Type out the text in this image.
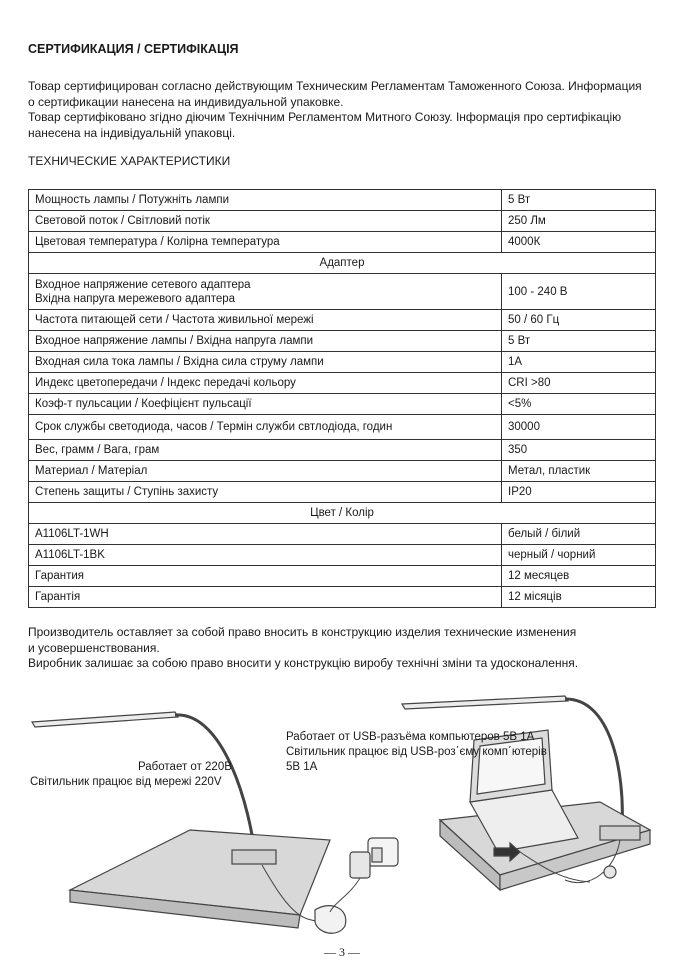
СЕРТИФИКАЦИЯ / СЕРТИФІКАЦІЯ

Товар сертифицирован согласно действующим Техническим Регламентам Таможенного Союза. Информация

о сертификации нанесена на индивидуальной упаковке.

Товар сертифіковано згідно діючим Технічним Регламентом Митного Союзу. Інформація про сертифікацію

нанесена на індивідуальній упаковці.

ТЕХНИЧЕСКИЕ ХАРАКТЕРИСТИКИ
Мощность лампы / Потужніть лампи	5 Вт
Световой поток / Світловий потік	250 Лм
Цветовая температура / Колірна температура	4000К
Адаптер	

Входное напряжение сетевого адаптера
Вхідна напруга мережевого адаптера	100 - 240 В
Частота питающей сети / Частота живильної мережі	50 / 60 Гц
Входное напряжение лампы / Вхідна напруга лампи	5 Вт
Входная сила тока лампы / Вхідна сила струму лампи	1А
Индекс цветопередачи / Індекс передачі кольору	CRI >80
Коэф-т пульсации / Коефіцієнт пульсації	<5%
Срок службы светодиода, часов / Термін служби свтлодіода, годин	30000
Вес, грамм / Вага, грам	350
Материал / Матеріал	Метал, пластик
Степень защиты / Ступінь захисту	IP20
Цвет / Колір	
A1106LT-1WH	белый / білий
A1106LT-1BK	черный / чорний
Гарантия	12 месяцев
Гарантія	12 місяців

Производитель оставляет за собой право вносить в конструкцию изделия технические изменения

и усовершенствования.

Виробник залишає за собою право вносити у конструкцію виробу технічні зміни та удосконалення.

Работает от 220В

Світильник працює від мережі 220V

Работает от USB-разъёма компьютеров 5В 1А

Світильник працює від USB-роз΄єму комп΄ютерів

5В 1А

— 3 —
